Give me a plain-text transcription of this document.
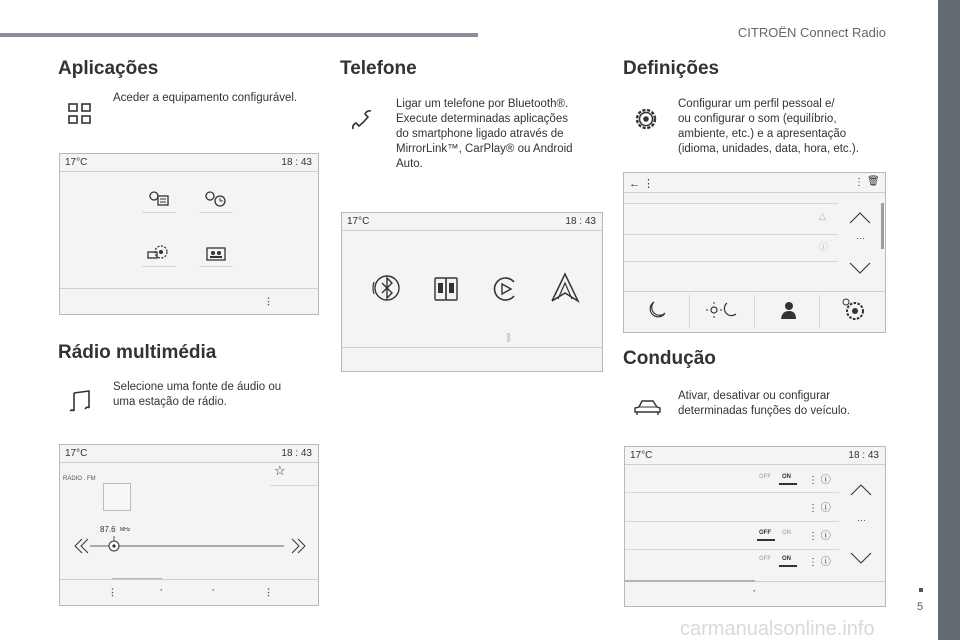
CITROËN Connect Radio
5
carmanualsonline.info
Aplicações
Aceder a equipamento configurável.
17°C	18 : 43
⋮
Rádio multimédia
Selecione uma fonte de áudio ou
uma estação de rádio.
17°C	18 : 43
RADIO . FM
☆
87.6 MHz
⋮	·	·	⋮
Telefone
Ligar um telefone por Bluetooth®.
Execute determinadas aplicações
do smartphone ligado através de
MirrorLink™, CarPlay® ou Android
Auto.
17°C	18 : 43
ᛒ
Definições
Configurar um perfil pessoal e/
ou configurar o som (equilíbrio,
ambiente, etc.) e a apresentação
(idioma, unidades, data, hora, etc.).
← ⋮	⋮ 🗑
△
ⓘ
…
Condução
Ativar, desativar ou configurar
determinadas funções do veículo.
17°C	18 : 43
OFF ON ⋮ ⓘ
⋮ ⓘ
OFF ON ⋮ ⓘ
OFF ON ⋮ ⓘ
…
·
